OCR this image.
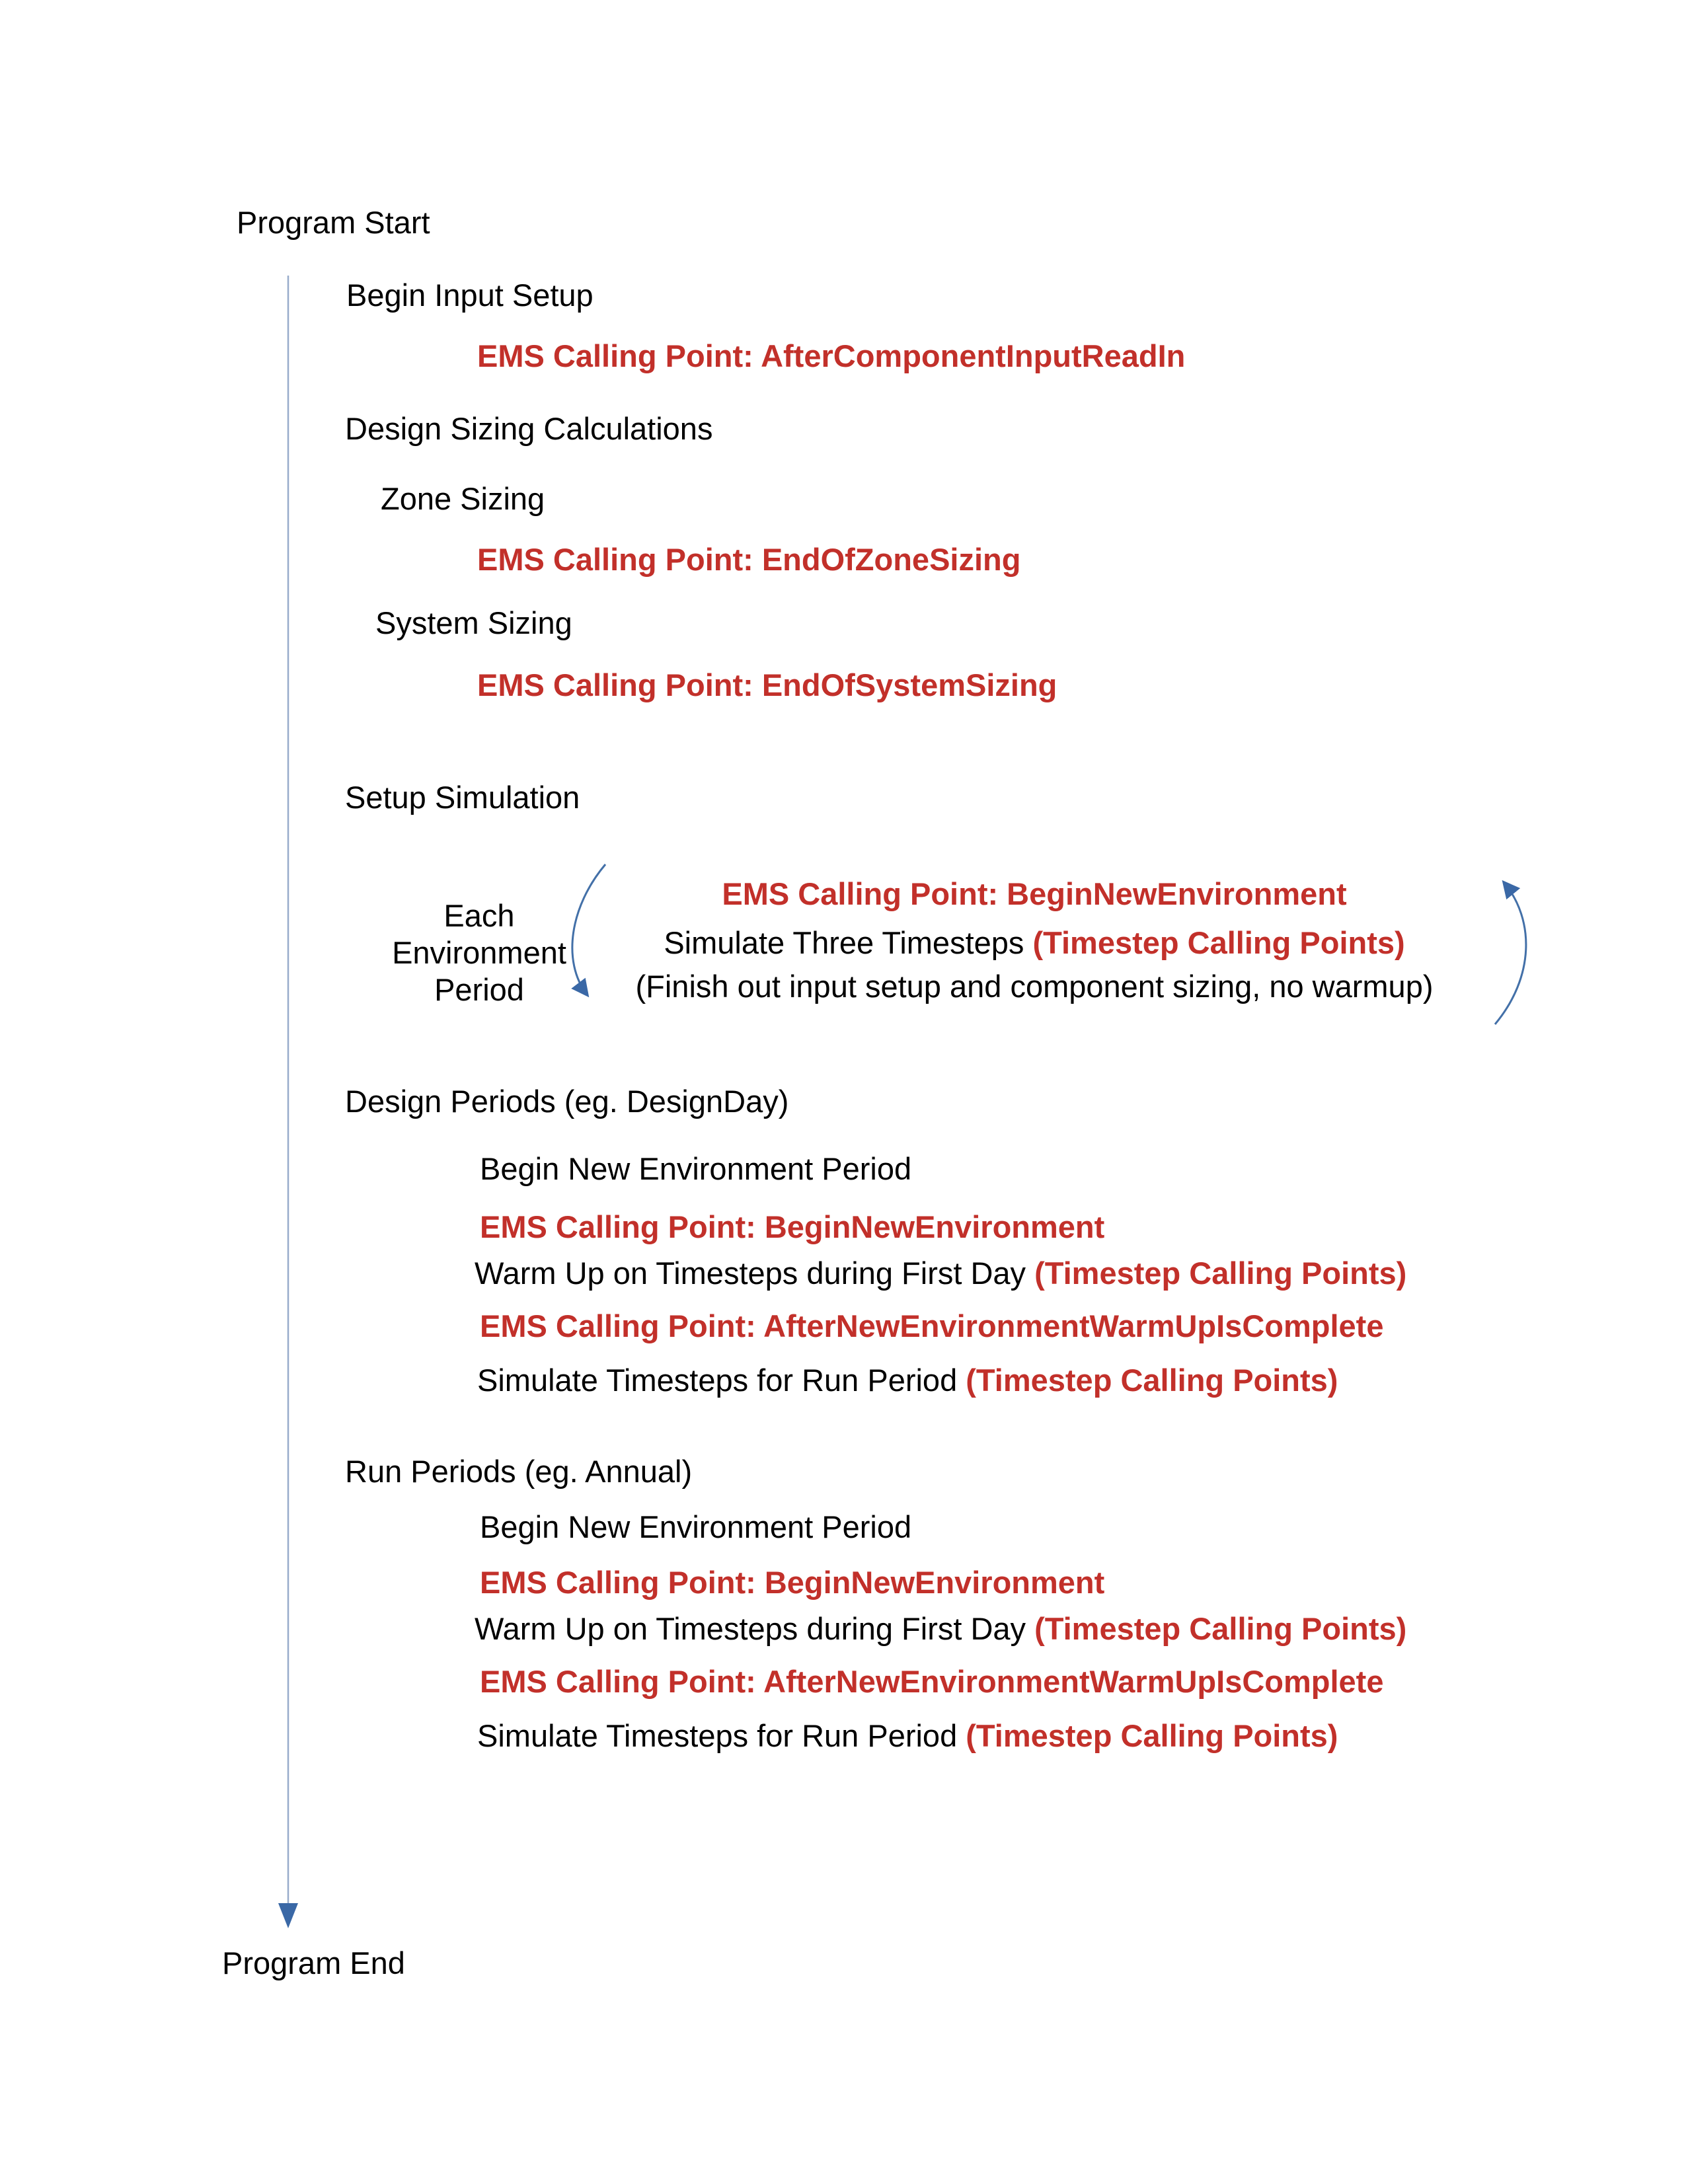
Program Start
Begin Input Setup
EMS Calling Point: AfterComponentInputReadIn
Design Sizing Calculations
Zone Sizing
EMS Calling Point: EndOfZoneSizing
System Sizing
EMS Calling Point: EndOfSystemSizing
Setup Simulation
Each
Environment
Period
EMS Calling Point: BeginNewEnvironment
Simulate Three Timesteps (Timestep Calling Points)
(Finish out input setup and component sizing, no warmup)
Design Periods (eg. DesignDay)
Begin New Environment Period
EMS Calling Point: BeginNewEnvironment
Warm Up on Timesteps during First Day (Timestep Calling Points)
EMS Calling Point: AfterNewEnvironmentWarmUpIsComplete
Simulate Timesteps for Run Period (Timestep Calling Points)
Run Periods (eg. Annual)
Begin New Environment Period
EMS Calling Point: BeginNewEnvironment
Warm Up on Timesteps during First Day (Timestep Calling Points)
EMS Calling Point: AfterNewEnvironmentWarmUpIsComplete
Simulate Timesteps for Run Period (Timestep Calling Points)
Program End
